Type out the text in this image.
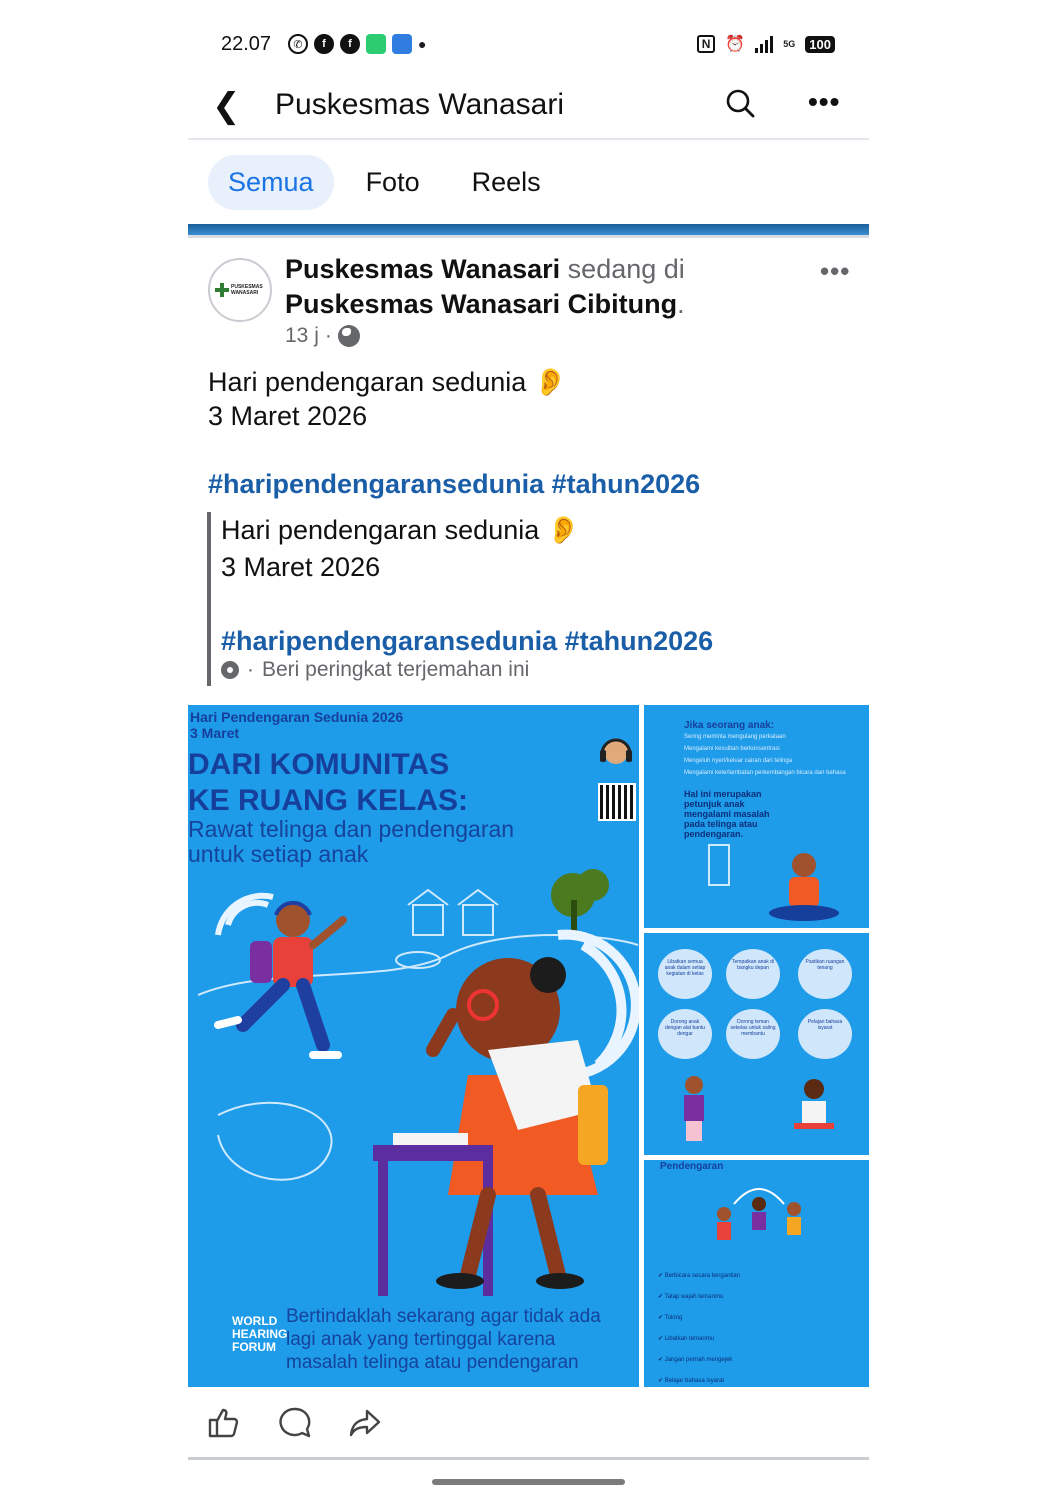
22.07	✆	f	f	●	N ⏰	5G	100
❮ Puskesmas Wanasari	•••
Semua	Foto	Reels
PUSKESMAS WANASARI
Puskesmas Wanasari sedang di
Puskesmas Wanasari Cibitung.
•••
13 j ·
Hari pendengaran sedunia 👂
3 Maret 2026
#haripendengaransedunia #tahun2026
Hari pendengaran sedunia 👂
3 Maret 2026
#haripendengaransedunia #tahun2026
· Beri peringkat terjemahan ini
Hari Pendengaran Sedunia 2026
3 Maret
DARI KOMUNITAS
KE RUANG KELAS:
Rawat telinga dan pendengaran
untuk setiap anak
WORLD
HEARING
FORUM
Bertindaklah sekarang agar tidak ada
lagi anak yang tertinggal karena
masalah telinga atau pendengaran
Jika seorang anak:
Sering meminta mengulang perkataan
Mengalami kesulitan berkonsentrasi
Mengeluh nyeri/keluar cairan dari telinga
Mengalami keterlambatan perkembangan bicara dan bahasa
Hal ini merupakan petunjuk anak mengalami masalah pada telinga atau pendengaran.
Libatkan semua anak dalam setiap kegiatan di kelas
Tempatkan anak di bangku depan
Pastikan ruangan tenang
Dorong anak dengan alat bantu dengar
Dorong teman sekelas untuk saling membantu
Pelajari bahasa isyarat
Pendengaran
✔ Berbicara secara bergantian
✔ Tatap wajah temanmu
✔ Tolong
✔ Libatkan temanmu
✔ Jangan pernah mengejek
✔ Belajar bahasa isyarat
